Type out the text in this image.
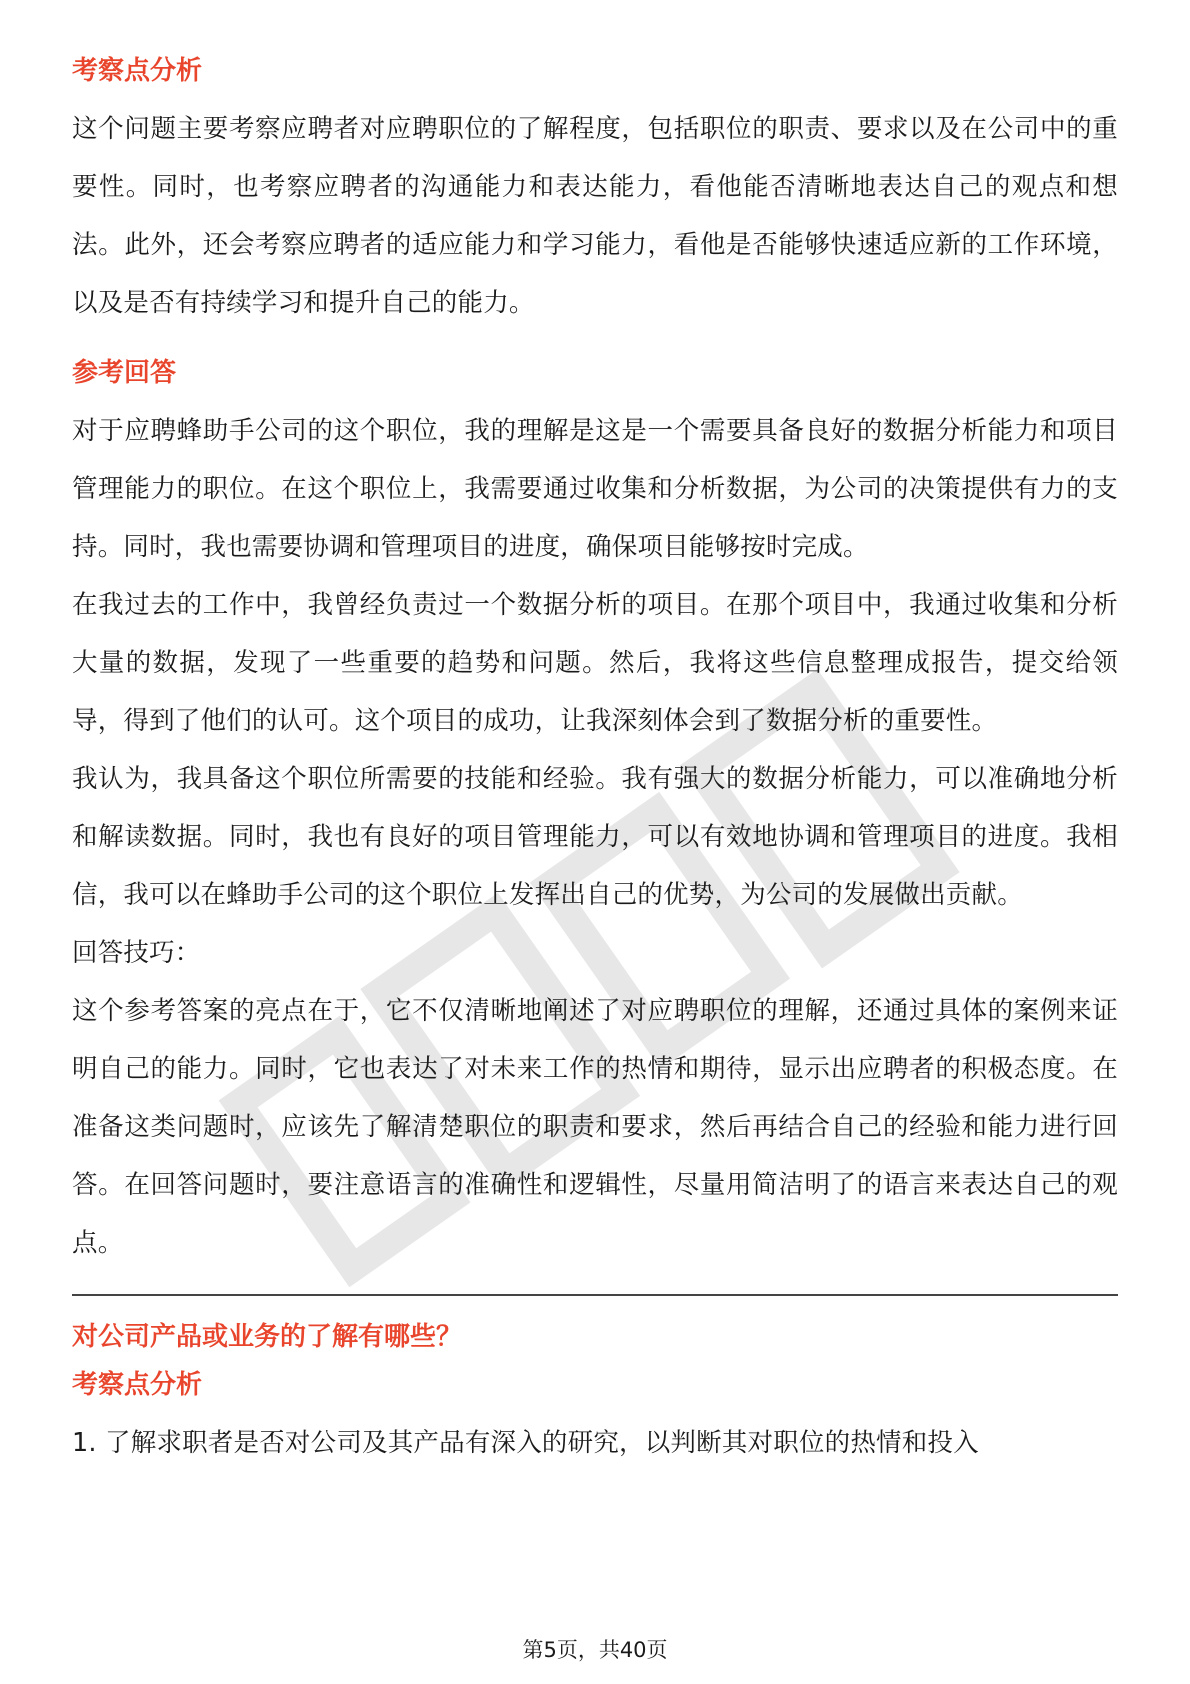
考察点分析

这个问题主要考察应聘者对应聘职位的了解程度，包括职位的职责、要求以及在公司中的重要性。同时，也考察应聘者的沟通能力和表达能力，看他能否清晰地表达自己的观点和想法。此外，还会考察应聘者的适应能力和学习能力，看他是否能够快速适应新的工作环境，以及是否有持续学习和提升自己的能力。

参考回答

对于应聘蜂助手公司的这个职位，我的理解是这是一个需要具备良好的数据分析能力和项目管理能力的职位。在这个职位上，我需要通过收集和分析数据，为公司的决策提供有力的支持。同时，我也需要协调和管理项目的进度，确保项目能够按时完成。

在我过去的工作中，我曾经负责过一个数据分析的项目。在那个项目中，我通过收集和分析大量的数据，发现了一些重要的趋势和问题。然后，我将这些信息整理成报告，提交给领导，得到了他们的认可。这个项目的成功，让我深刻体会到了数据分析的重要性。

我认为，我具备这个职位所需要的技能和经验。我有强大的数据分析能力，可以准确地分析和解读数据。同时，我也有良好的项目管理能力，可以有效地协调和管理项目的进度。我相信，我可以在蜂助手公司的这个职位上发挥出自己的优势，为公司的发展做出贡献。

回答技巧：

这个参考答案的亮点在于，它不仅清晰地阐述了对应聘职位的理解，还通过具体的案例来证明自己的能力。同时，它也表达了对未来工作的热情和期待，显示出应聘者的积极态度。在准备这类问题时，应该先了解清楚职位的职责和要求，然后再结合自己的经验和能力进行回答。在回答问题时，要注意语言的准确性和逻辑性，尽量用简洁明了的语言来表达自己的观点。

对公司产品或业务的了解有哪些？
考察点分析

1. 了解求职者是否对公司及其产品有深入的研究，以判断其对职位的热情和投入

第5页，共40页
